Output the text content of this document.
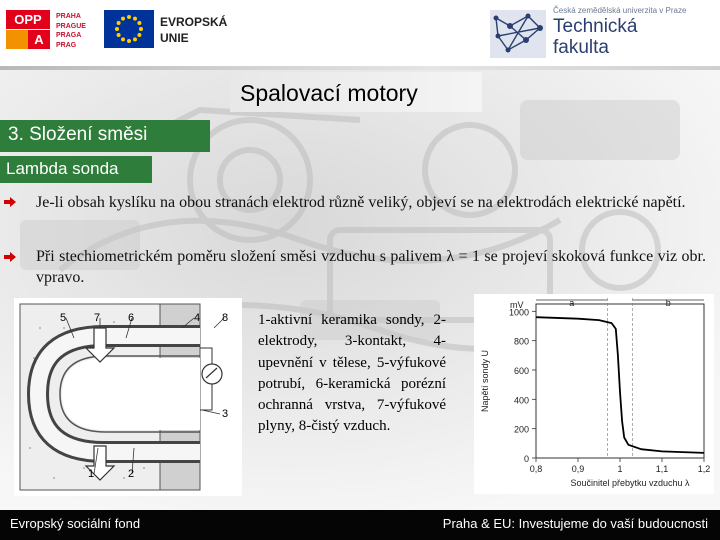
OPP
A
PRAHA
PRAGUE
PRAGA
PRAG
EVROPSKÁ
UNIE
Česká zemědělská univerzita v Praze
Technická
fakulta
Spalovací motory
3. Složení směsi
Lambda sonda
Je-li obsah kyslíku na obou stranách elektrod různě veliký, objeví se na elektrodách elektrické napětí.
Při stechiometrickém poměru složení směsi vzduchu s palivem λ = 1 se projeví skoková funkce viz obr. vpravo.
5	7	6	4 8
3
1	2
1-aktivní keramika sondy, 2-elektrody, 3-kontakt, 4-upevnění v tělese, 5-výfukové potrubí, 6-keramická porézní ochranná vrstva, 7-výfukové plyny, 8-čistý vzduch.
0
200
400
600
800
1000
0,8	0,9	1	1,1	1,2
a	b
mV
Napětí sondy U
Součinitel přebytku vzduchu λ
Evropský sociální fond	Praha & EU: Investujeme do vaší budoucnosti
